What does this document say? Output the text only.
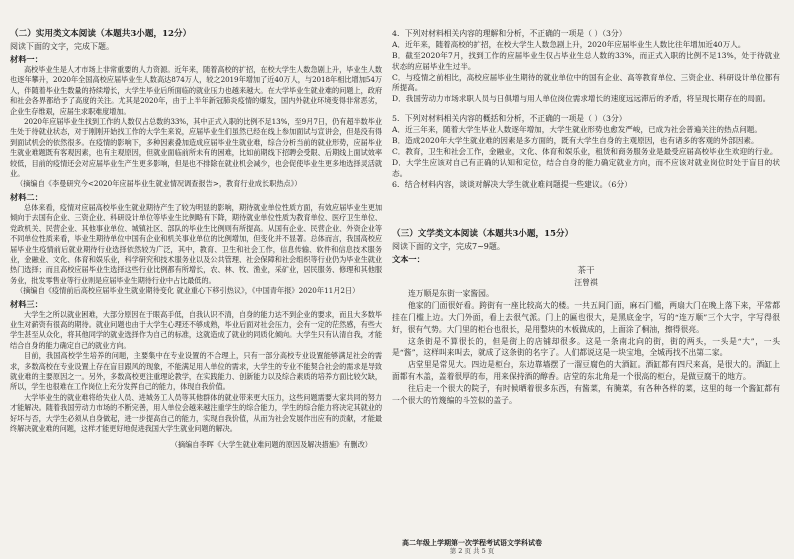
（二）实用类文本阅读（本题共3小题，12分）
阅读下面的文字，完成下题。
材料一：
高校毕业生是人才市场上非常重要的人力资源。近年来，随着高校的扩招，在校大学生人数急剧上升，毕业生人数也逐年攀升，2020年全国高校应届毕业生人数高达874万人，较之2019年增加了近40万人，与2018年相比增加54万人，伴随着毕业生数量的持续增长，大学生毕业后所面临的就业压力也越来越大。在大学毕业生就业难的问题上，政府和社会各界都给予了高度的关注。尤其是2020年，由于上半年新冠肺炎疫情的爆发，国内外就业环境变得非常恶劣，企业生存维艰，应届生求职难度增加。
2020年应届毕业生找到工作的人数仅占总数的33%，其中正式入职的比例不足13%，至9月7日，仍有超半数毕业生处于待就业状态，对于刚刚开始找工作的大学生来说，应届毕业生们虽然已经在线上参加面试与宣讲会，但是没有得到面试机会的依然很多。在疫情的影响下，多种因素叠加造成应届毕业生就业难，综合分析当前的就业形势，应届毕业生就业难题既有客观因素，也有主观原因，但就业面临前所未有的困难，比如前期线下招聘会受限、后期线上面试效率较低，目前的疫情还会对应届毕业生产生更多影响，但是也不排除在就业机会减少，也会促使毕业生更多地选择灵活就业。
（摘编自《李曼研究今<2020年应届毕业生就业情况调查报告>，教育行业成长职热点》）
材料二：
总体来看，疫情对应届高校毕业生就业期待产生了较为明显的影响，期待就业单位性质方面，有效应届毕业生更加倾向于去国有企业、三资企业、科研设计单位等毕业生比例略有下降，期待就业单位性质为教育单位、医疗卫生单位、党政机关、民营企业、其他事业单位、城镇社区、部队的毕业生比例则有所提高。从国有企业、民营企业、外资企业等不同单位性质来看，毕业生期待单位中国有企业和机关事业单位的比例增加，但变化并不显著。总体而言，我国高校应届毕业生疫情前后就业期待行业选择依然较为广泛，其中，教育、卫生和社会工作，信息传输、软件和信息技术服务业，金融业、文化、体育和娱乐业，科学研究和技术服务业以及公共管理、社会保障和社会组织等行业仍为毕业生就业热门选择；而且高校应届毕业生选择这些行业比例都有所增长，农、林、牧、渔业，采矿业，居民服务、修理和其他服务业，批发零售业等行业则是应届毕业生期待行业中占比最低的。
（摘编自《疫情前后高校应届毕业生就业期待变化 就业重心下移引热议》，《中国青年报》2020年11月2日）
材料三：
大学生之所以就业困难，大部分原因在于眼高手低，自我认识不清，自身的能力达不到企业的要求，而且大多数毕业生对薪资有很高的期待。就业问题也由于大学生心理还不够成熟，毕业后面对社会压力，会有一定的茫然感，有些大学生甚至从众化，将其他同学的就业选择作为自己的标准，这就造成了就业的同质化倾向。大学生只有认清自我，才能结合自身的能力确定自己的就业方向。
目前，我国高校学生培养的问题，主要集中在专业设置的不合理上，只有一部分高校专业设置能够满足社会的需求，多数高校在专业设置上存在盲目跟风的现象，不能满足用人单位的需求，大学生的专业不能契合社会的需求是导致就业难的主要原因之一。另外，多数高校更注重理论教学，在实践能力、创新能力以及综合素质的培养方面比较欠缺，所以，学生也很难在工作岗位上充分发挥自己的能力，体现自我价值。
大学毕业生的就业难将给失业人员、进城务工人员等其他群体的就业带来更大压力，这些问题需要大家共同的努力才能解决。随着我国劳动力市场的不断完善，用人单位会越来越注重学生的综合能力，学生的综合能力将决定其就业的好坏与否，大学生必须从自身做起，进一步提高自己的能力，实现自我价值，从而为社会发展作出应有的贡献，才能最终解决就业难的问题，这样才能更好地促进我国大学生就业问题的解决。
（摘编自李晖《大学生就业难问题的原因及解决措施》有删改）
4．下列对材料相关内容的理解和分析，不正确的一项是（ ）（3分）
A．近年来，随着高校的扩招，在校大学生人数急剧上升，2020年应届毕业生人数比往年增加近40万人。
B．截至2020年7月，找到工作的应届毕业生仅占毕业生总人数的33%，而正式入职的比例不足13%，处于待就业状态的应届毕业生过半。
C．与疫情之前相比，高校应届毕业生期待的就业单位中的国有企业、高等教育单位、三资企业、科研设计单位都有所提高。
D．我国劳动力市场求职人员与日俱增与用人单位岗位需求增长的速度远远滞后的矛盾，将呈现长期存在的局面。
5．下列对材料相关内容的概括和分析，不正确的一项是（ ）（3分）
A．近三年来，随着大学生毕业人数逐年增加，大学生就业形势也愈发严峻，已成为社会普遍关注的热点问题。
B．造成2020年大学生就业难的因素是多方面的，既有大学生自身的主观原因，也有诸多的客观的外部因素。
C．教育，卫生和社会工作，金融业，文化、体育和娱乐业，租赁和商务服务业是最受应届高校毕业生欢迎的行业。
D．大学生应该对自己有正确的认知和定位，结合自身的能力确定就业方向，而不应该对就业岗位时处于盲目的状态。
6．结合材料内容，谈谈对解决大学生就业难问题提一些建议。（6分）
（三）文学类文本阅读（本题共3小题，15分）
阅读下面的文字，完成7~9题。
文本一：
茶干
汪曾祺
连万顺是东街一家酱园。
他家的门面很好看。跨街有一座比较高大的楼。一共五间门面，麻石门槛，两扇大门在晚上落下来，平常都挂在门槛上边。大门外面，看上去很气派。门上的匾也很大，是黑底金字，写的“连万顺”三个大字，字写得很好，很有气势。大门里的柜台也很长，是用整块的木板做成的，上面涂了桐油，擦得很亮。
这条街是不算很长的，但是街上的店铺却很多。这是一条南北向的街，街的两头，一头是“大”，一头是“酱”，这样叫来叫去，就成了这条街的名字了。人们都说这是一块宝地，全城再找不出第二家。
店堂里是常见大。四边是柜台，东边靠墙摆了一溜豆腐色的大酒缸。酒缸都有四尺来高，是很大的。酒缸上面都有木盖，盖着很厚的布，用来保持酒的醇香。店堂的东北角是一个很高的柜台，是做豆腐干的地方。
往后走一个很大的院子，有时候晒着很多东西，有酱菜，有腌菜，有各种各样的菜，这里的每一个酱缸都有一个很大的竹篾编的斗笠似的盖子。
高二年级上学期第一次学程考试语文学科试卷
第 2 页 共 5 页
